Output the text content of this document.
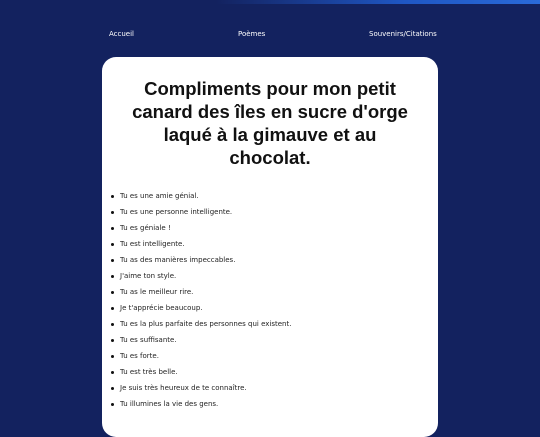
Accueil	Poèmes	Souvenirs/Citations
Compliments pour mon petit canard des îles en sucre d'orge laqué à la gimauve et au chocolat.
Tu es une amie génial.
Tu es une personne intelligente.
Tu es géniale !
Tu est intelligente.
Tu as des manières impeccables.
J'aime ton style.
Tu as le meilleur rire.
Je t'apprécie beaucoup.
Tu es la plus parfaite des personnes qui existent.
Tu es suffisante.
Tu es forte.
Tu est très belle.
Je suis très heureux de te connaître.
Tu illumines la vie des gens.
